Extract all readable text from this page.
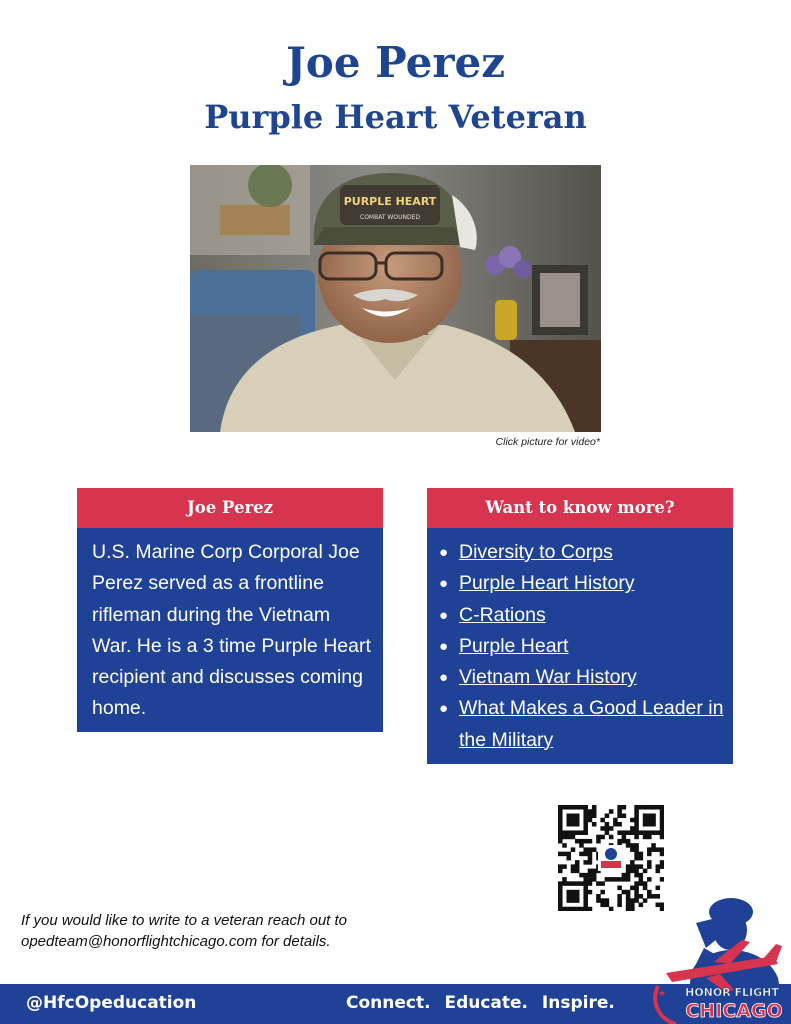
Joe Perez
Purple Heart Veteran
PURPLE HEART
COMBAT WOUNDED
Click picture for video*
Joe Perez
U.S. Marine Corp Corporal Joe Perez served as a frontline rifleman during the Vietnam War. He is a 3 time Purple Heart recipient and discusses coming home.
Want to know more?
● Diversity to Corps
● Purple Heart History
● C-Rations
● Purple Heart
● Vietnam War History
● What Makes a Good Leader in the Military
If you would like to write to a veteran reach out to
opedteam@honorflightchicago.com for details.
@HfcOpeducation	Connect. Educate. Inspire.	★
★
HONOR FLIGHT
CHICAGO
